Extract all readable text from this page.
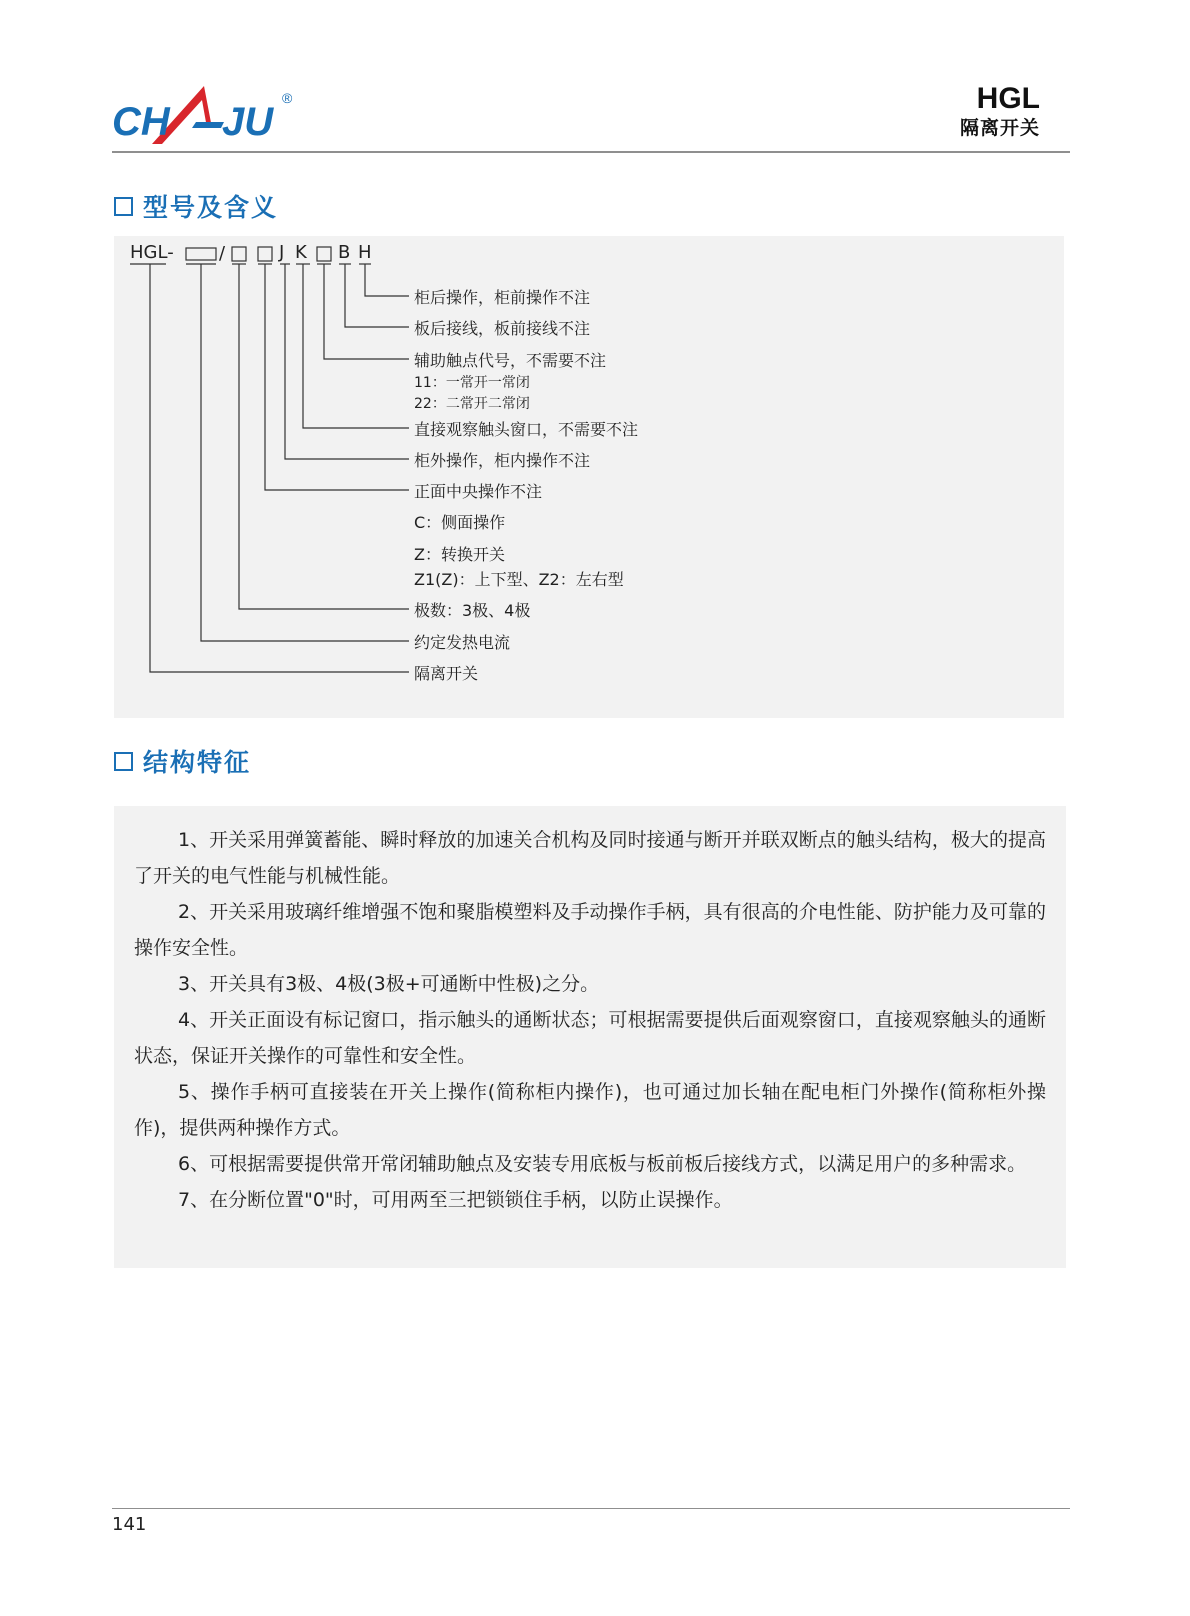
CH JU
®	HGL
隔离开关
型号及含义
HGL-	/	J K B H
柜后操作，柜前操作不注
板后接线，板前接线不注
辅助触点代号，不需要不注
11：一常开一常闭
22：二常开二常闭
直接观察触头窗口，不需要不注
柜外操作，柜内操作不注
正面中央操作不注
C：侧面操作
Z：转换开关
Z1(Z)：上下型、Z2：左右型
极数：3极、4极
约定发热电流
隔离开关
结构特征

1、开关采用弹簧蓄能、瞬时释放的加速关合机构及同时接通与断开并联双断点的触头结构，极大的提高了开关的电气性能与机械性能。

2、开关采用玻璃纤维增强不饱和聚脂模塑料及手动操作手柄，具有很高的介电性能、防护能力及可靠的操作安全性。

3、开关具有3极、4极(3极+可通断中性极)之分。

4、开关正面设有标记窗口，指示触头的通断状态；可根据需要提供后面观察窗口，直接观察触头的通断状态，保证开关操作的可靠性和安全性。

5、操作手柄可直接装在开关上操作(简称柜内操作)，也可通过加长轴在配电柜门外操作(简称柜外操作)，提供两种操作方式。

6、可根据需要提供常开常闭辅助触点及安装专用底板与板前板后接线方式，以满足用户的多种需求。

7、在分断位置"0"时，可用两至三把锁锁住手柄，以防止误操作。

141
